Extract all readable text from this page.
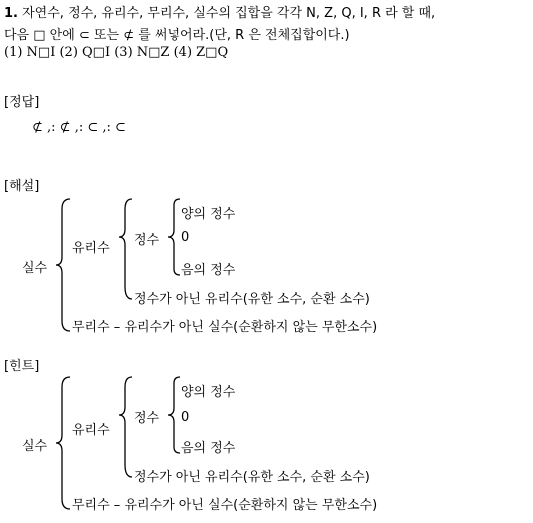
1. 자연수, 정수, 유리수, 무리수, 실수의 집합을 각각 N, Z, Q, I, R 라 할 때,
다음 □ 안에 ⊂ 또는 ⊄ 를 써넣어라.(단, R 은 전체집합이다.)
(1) N□I (2) Q□I (3) N□Z (4) Z□Q
[정답]
⊄ ,: ⊄ ,: ⊂ ,: ⊂
[해설]
실수
유리수
정수
양의 정수
0
음의 정수
정수가 아닌 유리수(유한 소수, 순환 소수)
무리수 – 유리수가 아닌 실수(순환하지 않는 무한소수)
[힌트]
실수
유리수
정수
양의 정수
0
음의 정수
정수가 아닌 유리수(유한 소수, 순환 소수)
무리수 – 유리수가 아닌 실수(순환하지 않는 무한소수)
